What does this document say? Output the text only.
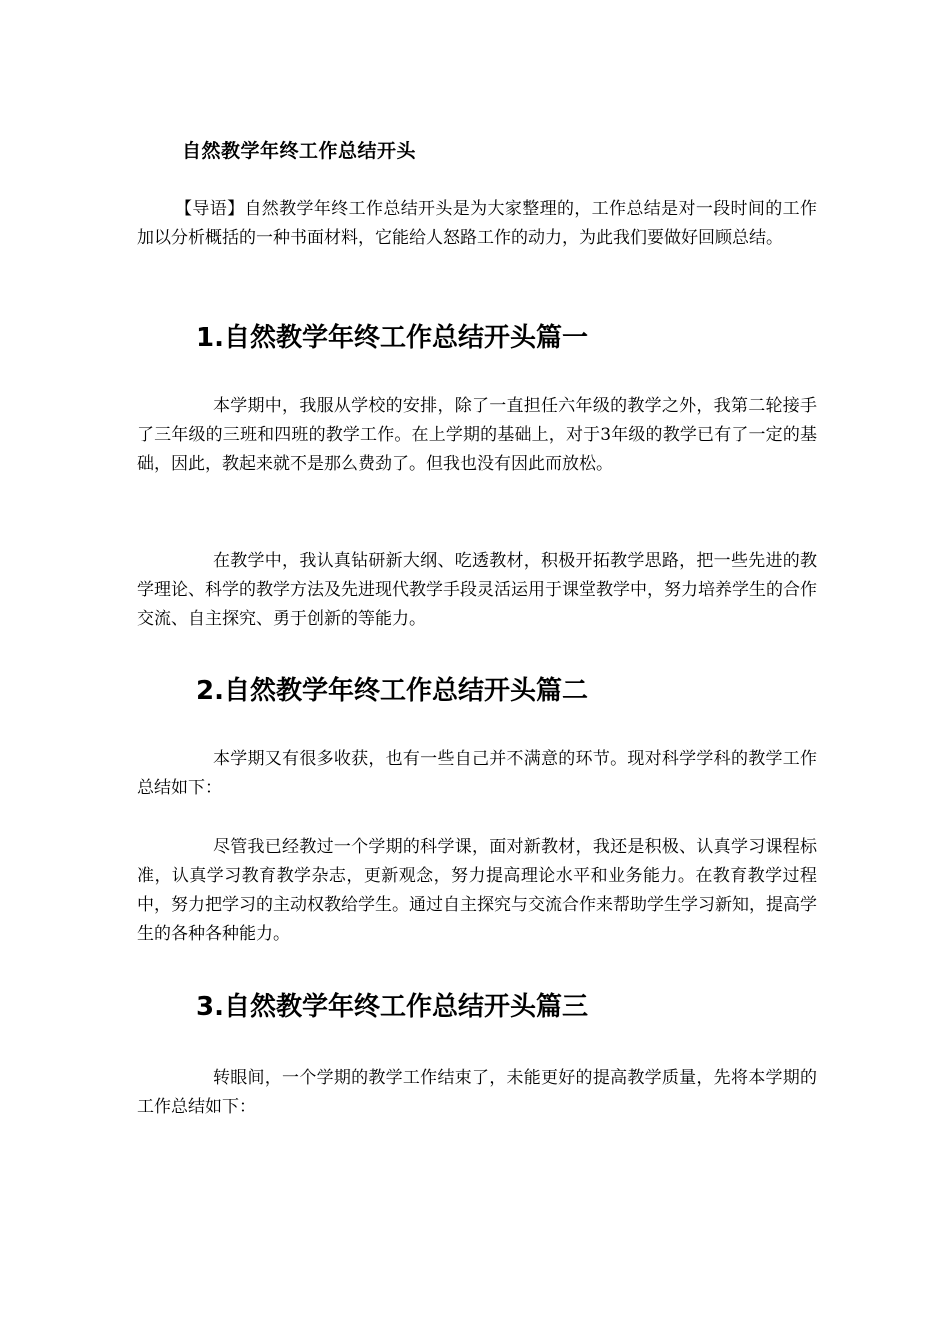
自然教学年终工作总结开头

【导语】自然教学年终工作总结开头是为大家整理的，工作总结是对一段时间的工作加以分析概括的一种书面材料，它能给人怒路工作的动力，为此我们要做好回顾总结。

1.自然教学年终工作总结开头篇一

本学期中，我服从学校的安排，除了一直担任六年级的教学之外，我第二轮接手了三年级的三班和四班的教学工作。在上学期的基础上，对于3年级的教学已有了一定的基础，因此，教起来就不是那么费劲了。但我也没有因此而放松。

在教学中，我认真钻研新大纲、吃透教材，积极开拓教学思路，把一些先进的教学理论、科学的教学方法及先进现代教学手段灵活运用于课堂教学中，努力培养学生的合作交流、自主探究、勇于创新的等能力。

2.自然教学年终工作总结开头篇二

本学期又有很多收获，也有一些自己并不满意的环节。现对科学学科的教学工作总结如下：

尽管我已经教过一个学期的科学课，面对新教材，我还是积极、认真学习课程标准，认真学习教育教学杂志，更新观念，努力提高理论水平和业务能力。在教育教学过程中，努力把学习的主动权教给学生。通过自主探究与交流合作来帮助学生学习新知，提高学生的各种各种能力。

3.自然教学年终工作总结开头篇三

转眼间，一个学期的教学工作结束了，未能更好的提高教学质量，先将本学期的工作总结如下：
